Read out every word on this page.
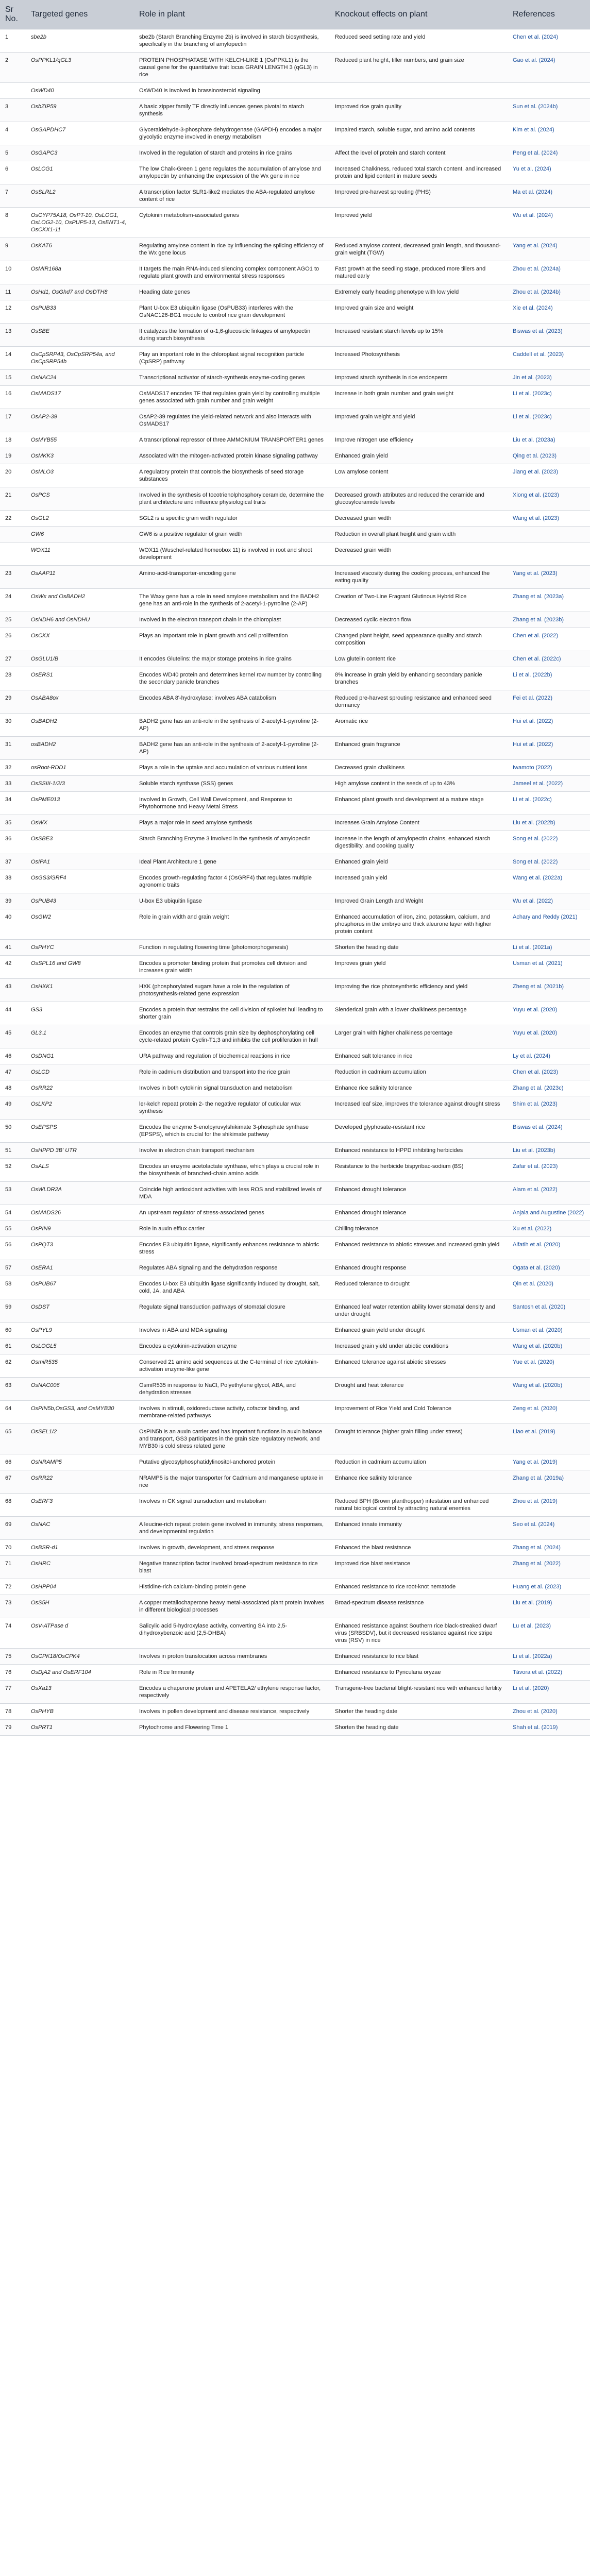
Sr No.	Targeted genes	Role in plant	Knockout effects on plant	References
1	sbe2b	sbe2b (Starch Branching Enzyme 2b) is involved in starch biosynthesis, specifically in the branching of amylopectin	Reduced seed setting rate and yield	Chen et al. (2024)
2	OsPPKL1/qGL3	PROTEIN PHOSPHATASE WITH KELCH-LIKE 1 (OsPPKL1) is the causal gene for the quantitative trait locus GRAIN LENGTH 3 (qGL3) in rice	Reduced plant height, tiller numbers, and grain size	Gao et al. (2024)
	OsWD40	OsWD40 is involved in brassinosteroid signaling		
3	OsbZIP59	A basic zipper family TF directly influences genes pivotal to starch synthesis	Improved rice grain quality	Sun et al. (2024b)
4	OsGAPDHC7	Glyceraldehyde-3-phosphate dehydrogenase (GAPDH) encodes a major glycolytic enzyme involved in energy metabolism	Impaired starch, soluble sugar, and amino acid contents	Kim et al. (2024)
5	OsGAPC3	Involved in the regulation of starch and proteins in rice grains	Affect the level of protein and starch content	Peng et al. (2024)
6	OsLCG1	The low Chalk-Green 1 gene regulates the accumulation of amylose and amylopectin by enhancing the expression of the Wx gene in rice	Increased Chalkiness, reduced total starch content, and increased protein and lipid content in mature seeds	Yu et al. (2024)
7	OsSLRL2	A transcription factor SLR1-like2 mediates the ABA-regulated amylose content of rice	Improved pre-harvest sprouting (PHS)	Ma et al. (2024)
8	OsCYP75A18, OsPT-10, OsLOG1, OsLOG2-10, OsPUP5-13, OsENT1-4, OsCKX1-11	Cytokinin metabolism-associated genes	Improved yield	Wu et al. (2024)
9	OsKAT6	Regulating amylose content in rice by influencing the splicing efficiency of the Wx gene locus	Reduced amylose content, decreased grain length, and thousand-grain weight (TGW)	Yang et al. (2024)
10	OsMIR168a	It targets the main RNA-induced silencing complex component AGO1 to regulate plant growth and environmental stress responses	Fast growth at the seedling stage, produced more tillers and matured early	Zhou et al. (2024a)
11	OsHd1, OsGhd7 and OsDTH8	Heading date genes	Extremely early heading phenotype with low yield	Zhou et al. (2024b)
12	OsPUB33	Plant U-box E3 ubiquitin ligase (OsPUB33) interferes with the OsNAC126-BG1 module to control rice grain development	Improved grain size and weight	Xie et al. (2024)
13	OsSBE	It catalyzes the formation of α-1,6-glucosidic linkages of amylopectin during starch biosynthesis	Increased resistant starch levels up to 15%	Biswas et al. (2023)
14	OsCpSRP43, OsCpSRP54a, and OsCpSRP54b	Play an important role in the chloroplast signal recognition particle (CpSRP) pathway	Increased Photosynthesis	Caddell et al. (2023)
15	OsNAC24	Transcriptional activator of starch-synthesis enzyme-coding genes	Improved starch synthesis in rice endosperm	Jin et al. (2023)
16	OsMADS17	OsMADS17 encodes TF that regulates grain yield by controlling multiple genes associated with grain number and grain weight	Increase in both grain number and grain weight	Li et al. (2023c)
17	OsAP2-39	OsAP2-39 regulates the yield-related network and also interacts with OsMADS17	Improved grain weight and yield	Li et al. (2023c)
18	OsMYB55	A transcriptional repressor of three AMMONIUM TRANSPORTER1 genes	Improve nitrogen use efficiency	Liu et al. (2023a)
19	OsMKK3	Associated with the mitogen-activated protein kinase signaling pathway	Enhanced grain yield	Qing et al. (2023)
20	OsMLO3	A regulatory protein that controls the biosynthesis of seed storage substances	Low amylose content	Jiang et al. (2023)
21	OsPCS	Involved in the synthesis of tocotrienolphosphorylceramide, determine the plant architecture and influence physiological traits	Decreased growth attributes and reduced the ceramide and glucosylceramide levels	Xiong et al. (2023)
22	OsGL2	SGL2 is a specific grain width regulator	Decreased grain width	Wang et al. (2023)
	GW6	GW6 is a positive regulator of grain width	Reduction in overall plant height and grain width	
	WOX11	WOX11 (Wuschel-related homeobox 11) is involved in root and shoot development	Decreased grain width	
23	OsAAP11	Amino-acid-transporter-encoding gene	Increased viscosity during the cooking process, enhanced the eating quality	Yang et al. (2023)
24	OsWx and OsBADH2	The Waxy gene has a role in seed amylose metabolism and the BADH2 gene has an anti-role in the synthesis of 2-acetyl-1-pyrroline (2-AP)	Creation of Two-Line Fragrant Glutinous Hybrid Rice	Zhang et al. (2023a)
25	OsNDH6 and OsNDHU	Involved in the electron transport chain in the chloroplast	Decreased cyclic electron flow	Zhang et al. (2023b)
26	OsCKX	Plays an important role in plant growth and cell proliferation	Changed plant height, seed appearance quality and starch composition	Chen et al. (2022)
27	OsGLU1/B	It encodes Glutelins: the major storage proteins in rice grains	Low glutelin content rice	Chen et al. (2022c)
28	OsERS1	Encodes WD40 protein and determines kernel row number by controlling the secondary panicle branches	8% increase in grain yield by enhancing secondary panicle branches	Li et al. (2022b)
29	OsABA8ox	Encodes ABA 8'-hydroxylase: involves ABA catabolism	Reduced pre-harvest sprouting resistance and enhanced seed dormancy	Fei et al. (2022)
30	OsBADH2	BADH2 gene has an anti-role in the synthesis of 2-acetyl-1-pyrroline (2-AP)	Aromatic rice	Hui et al. (2022)
31	osBADH2	BADH2 gene has an anti-role in the synthesis of 2-acetyl-1-pyrroline (2-AP)	Enhanced grain fragrance	Hui et al. (2022)
32	osRoot-RDD1	Plays a role in the uptake and accumulation of various nutrient ions	Decreased grain chalkiness	Iwamoto (2022)
33	OsSSIII-1/2/3	Soluble starch synthase (SSS) genes	High amylose content in the seeds of up to 43%	Jameel et al. (2022)
34	OsPME013	Involved in Growth, Cell Wall Development, and Response to Phytohormone and Heavy Metal Stress	Enhanced plant growth and development at a mature stage	Li et al. (2022c)
35	OsWX	Plays a major role in seed amylose synthesis	Increases Grain Amylose Content	Liu et al. (2022b)
36	OsSBE3	Starch Branching Enzyme 3 involved in the synthesis of amylopectin	Increase in the length of amylopectin chains, enhanced starch digestibility, and cooking quality	Song et al. (2022)
37	OsIPA1	Ideal Plant Architecture 1 gene	Enhanced grain yield	Song et al. (2022)
38	OsGS3/GRF4	Encodes growth-regulating factor 4 (OsGRF4) that regulates multiple agronomic traits	Increased grain yield	Wang et al. (2022a)
39	OsPUB43	U-box E3 ubiquitin ligase	Improved Grain Length and Weight	Wu et al. (2022)
40	OsGW2	Role in grain width and grain weight	Enhanced accumulation of iron, zinc, potassium, calcium, and phosphorus in the embryo and thick aleurone layer with higher protein content	Achary and Reddy (2021)
41	OsPHYC	Function in regulating flowering time (photomorphogenesis)	Shorten the heading date	Li et al. (2021a)
42	OsSPL16 and GW8	Encodes a promoter binding protein that promotes cell division and increases grain width	Improves grain yield	Usman et al. (2021)
43	OsHXK1	HXK (phosphorylated sugars have a role in the regulation of photosynthesis-related gene expression	Improving the rice photosynthetic efficiency and yield	Zheng et al. (2021b)
44	GS3	Encodes a protein that restrains the cell division of spikelet hull leading to shorter grain	Slenderical grain with a lower chalkiness percentage	Yuyu et al. (2020)
45	GL3.1	Encodes an enzyme that controls grain size by dephosphorylating cell cycle-related protein Cyclin-T1;3 and inhibits the cell proliferation in hull	Larger grain with higher chalkiness percentage	Yuyu et al. (2020)
46	OsDNG1	URA pathway and regulation of biochemical reactions in rice	Enhanced salt tolerance in rice	Ly et al. (2024)
47	OsLCD	Role in cadmium distribution and transport into the rice grain	Reduction in cadmium accumulation	Chen et al. (2023)
48	OsRR22	Involves in both cytokinin signal transduction and metabolism	Enhance rice salinity tolerance	Zhang et al. (2023c)
49	OsLKP2	ler-kelch repeat protein 2- the negative regulator of cuticular wax synthesis	Increased leaf size, improves the tolerance against drought stress	Shim et al. (2023)
50	OsEPSPS	Encodes the enzyme 5-enolpyruvylshikimate 3-phosphate synthase (EPSPS), which is crucial for the shikimate pathway	Developed glyphosate-resistant rice	Biswas et al. (2024)
51	OsHPPD 3B' UTR	Involve in electron chain transport mechanism	Enhanced resistance to HPPD inhibiting herbicides	Liu et al. (2023b)
52	OsALS	Encodes an enzyme acetolactate synthase, which plays a crucial role in the biosynthesis of branched-chain amino acids	Resistance to the herbicide bispyribac-sodium (BS)	Zafar et al. (2023)
53	OsWLDR2A	Coincide high antioxidant activities with less ROS and stabilized levels of MDA	Enhanced drought tolerance	Alam et al. (2022)
54	OsMADS26	An upstream regulator of stress-associated genes	Enhanced drought tolerance	Anjala and Augustine (2022)
55	OsPIN9	Role in auxin efflux carrier	Chilling tolerance	Xu et al. (2022)
56	OsPQT3	Encodes E3 ubiquitin ligase, significantly enhances resistance to abiotic stress	Enhanced resistance to abiotic stresses and increased grain yield	Alfatih et al. (2020)
57	OsERA1	Regulates ABA signaling and the dehydration response	Enhanced drought response	Ogata et al. (2020)
58	OsPUB67	Encodes U-box E3 ubiquitin ligase significantly induced by drought, salt, cold, JA, and ABA	Reduced tolerance to drought	Qin et al. (2020)
59	OsDST	Regulate signal transduction pathways of stomatal closure	Enhanced leaf water retention ability lower stomatal density and under drought	Santosh et al. (2020)
60	OsPYL9	Involves in ABA and MDA signaling	Enhanced grain yield under drought	Usman et al. (2020)
61	OsLOGL5	Encodes a cytokinin-activation enzyme	Increased grain yield under abiotic conditions	Wang et al. (2020b)
62	OsmiR535	Conserved 21 amino acid sequences at the C-terminal of rice cytokinin-activation enzyme-like gene	Enhanced tolerance against abiotic stresses	Yue et al. (2020)
63	OsNAC006	OsmiR535 in response to NaCl, Polyethylene glycol, ABA, and dehydration stresses	Drought and heat tolerance	Wang et al. (2020b)
64	OsPIN5b,OsGS3, and OsMYB30	Involves in stimuli, oxidoreductase activity, cofactor binding, and membrane-related pathways	Improvement of Rice Yield and Cold Tolerance	Zeng et al. (2020)
65	OsSEL1/2	OsPIN5b is an auxin carrier and has important functions in auxin balance and transport, GS3 participates in the grain size regulatory network, and MYB30 is cold stress related gene	Drought tolerance (higher grain filling under stress)	Liao et al. (2019)
66	OsNRAMP5	Putative glycosylphosphatidylinositol-anchored protein	Reduction in cadmium accumulation	Yang et al. (2019)
67	OsRR22	NRAMP5 is the major transporter for Cadmium and manganese uptake in rice	Enhance rice salinity tolerance	Zhang et al. (2019a)
68	OsERF3	Involves in CK signal transduction and metabolism	Reduced BPH (Brown planthopper) infestation and enhanced natural biological control by attracting natural enemies	Zhou et al. (2019)
69	OsNAC	A leucine-rich repeat protein gene involved in immunity, stress responses, and developmental regulation	Enhanced innate immunity	Seo et al. (2024)
70	OsBSR-d1	Involves in growth, development, and stress response	Enhanced the blast resistance	Zhang et al. (2024)
71	OsHRC	Negative transcription factor involved broad-spectrum resistance to rice blast	Improved rice blast resistance	Zhang et al. (2022)
72	OsHPP04	Histidine-rich calcium-binding protein gene	Enhanced resistance to rice root-knot nematode	Huang et al. (2023)
73	OsS5H	A copper metallochaperone heavy metal-associated plant protein involves in different biological processes	Broad-spectrum disease resistance	Liu et al. (2019)
74	OsV-ATPase d	Salicylic acid 5-hydroxylase activity, converting SA into 2,5-dihydroxybenzoic acid (2,5-DHBA)	Enhanced resistance against Southern rice black-streaked dwarf virus (SRBSDV), but it decreased resistance against rice stripe virus (RSV) in rice	Lu et al. (2023)
75	OsCPK18/OsCPK4	Involves in proton translocation across membranes	Enhanced resistance to rice blast	Li et al. (2022a)
76	OsDjA2 and OsERF104	Role in Rice Immunity	Enhanced resistance to Pyricularia oryzae	Távora et al. (2022)
77	OsXa13	Encodes a chaperone protein and APETELA2/ ethylene response factor, respectively	Transgene-free bacterial blight-resistant rice with enhanced fertility	Li et al. (2020)
78	OsPHYB	Involves in pollen development and disease resistance, respectively	Shorter the heading date	Zhou et al. (2020)
79	OsPRT1	Phytochrome and Flowering Time 1	Shorten the heading date	Shah et al. (2019)
